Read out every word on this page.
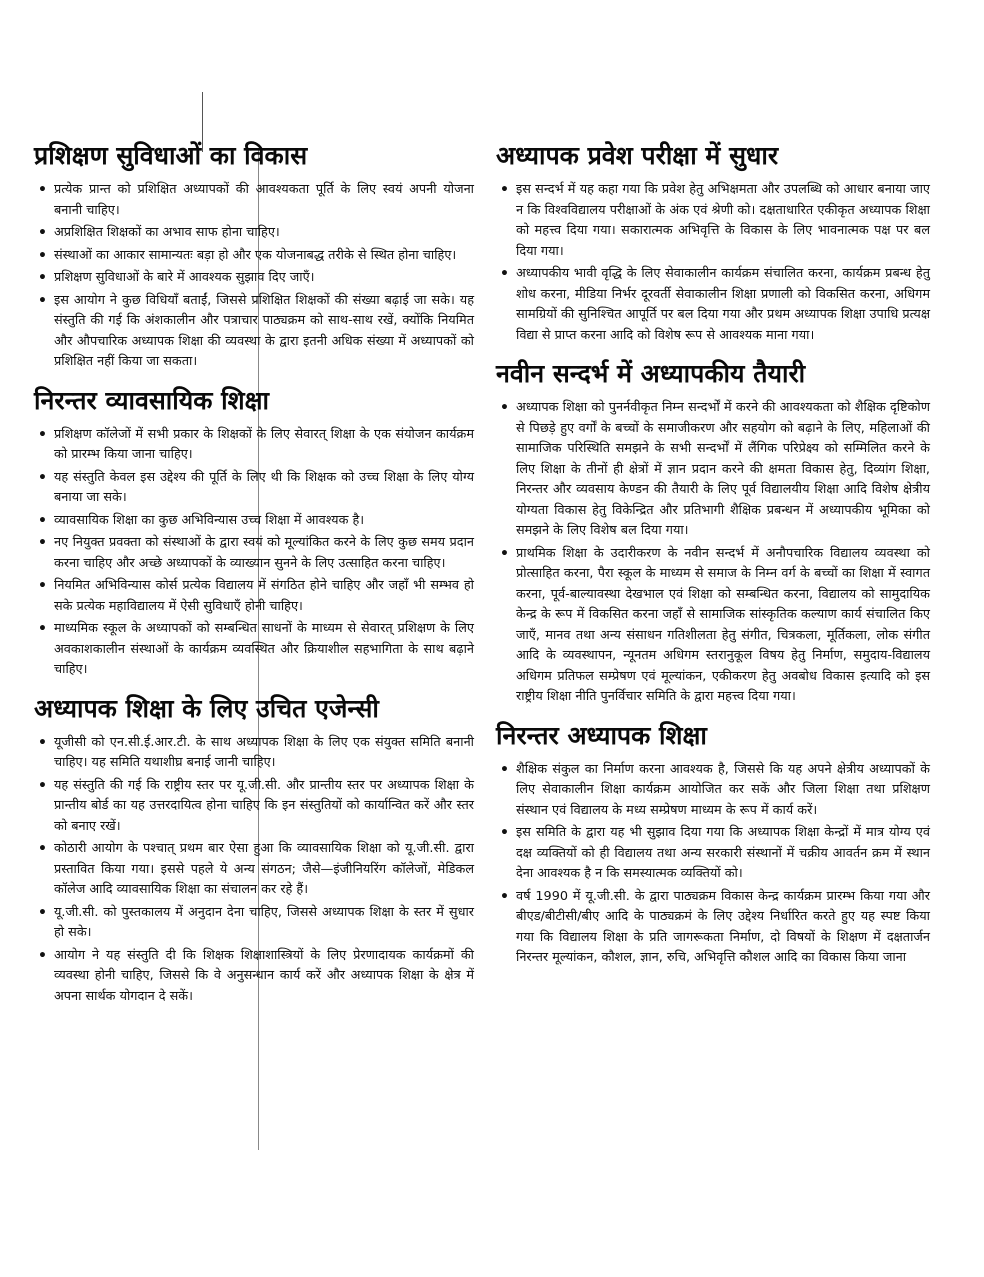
प्रशिक्षण सुविधाओं का विकास
• प्रत्येक प्रान्त को प्रशिक्षित अध्यापकों की आवश्यकता पूर्ति के लिए स्वयं अपनी योजना बनानी चाहिए।
• अप्रशिक्षित शिक्षकों का अभाव साफ होना चाहिए।
• संस्थाओं का आकार सामान्यतः बड़ा हो और एक योजनाबद्ध तरीके से स्थित होना चाहिए।
• प्रशिक्षण सुविधाओं के बारे में आवश्यक सुझाव दिए जाएँ।
• इस आयोग ने कुछ विधियाँ बताईं, जिससे प्रशिक्षित शिक्षकों की संख्या बढ़ाई जा सके। यह संस्तुति की गई कि अंशकालीन और पत्राचार पाठ्यक्रम को साथ-साथ रखें, क्योंकि नियमित और औपचारिक अध्यापक शिक्षा की व्यवस्था के द्वारा इतनी अधिक संख्या में अध्यापकों को प्रशिक्षित नहीं किया जा सकता।
निरन्तर व्यावसायिक शिक्षा
• प्रशिक्षण कॉलेजों में सभी प्रकार के शिक्षकों के लिए सेवारत् शिक्षा के एक संयोजन कार्यक्रम को प्रारम्भ किया जाना चाहिए।
• यह संस्तुति केवल इस उद्देश्य की पूर्ति के लिए थी कि शिक्षक को उच्च शिक्षा के लिए योग्य बनाया जा सके।
• व्यावसायिक शिक्षा का कुछ अभिविन्यास उच्च शिक्षा में आवश्यक है।
• नए नियुक्त प्रवक्ता को संस्थाओं के द्वारा स्वयं को मूल्यांकित करने के लिए कुछ समय प्रदान करना चाहिए और अच्छे अध्यापकों के व्याख्यान सुनने के लिए उत्साहित करना चाहिए।
• नियमित अभिविन्यास कोर्स प्रत्येक विद्यालय में संगठित होने चाहिए और जहाँ भी सम्भव हो सके प्रत्येक महाविद्यालय में ऐसी सुविधाएँ होनी चाहिए।
• माध्यमिक स्कूल के अध्यापकों को सम्बन्धित साधनों के माध्यम से सेवारत् प्रशिक्षण के लिए अवकाशकालीन संस्थाओं के कार्यक्रम व्यवस्थित और क्रियाशील सहभागिता के साथ बढ़ाने चाहिए।
अध्यापक शिक्षा के लिए उचित एजेन्सी
• यूजीसी को एन.सी.ई.आर.टी. के साथ अध्यापक शिक्षा के लिए एक संयुक्त समिति बनानी चाहिए। यह समिति यथाशीघ्र बनाई जानी चाहिए।
• यह संस्तुति की गई कि राष्ट्रीय स्तर पर यू.जी.सी. और प्रान्तीय स्तर पर अध्यापक शिक्षा के प्रान्तीय बोर्ड का यह उत्तरदायित्व होना चाहिए कि इन संस्तुतियों को कार्यान्वित करें और स्तर को बनाए रखें।
• कोठारी आयोग के पश्चात् प्रथम बार ऐसा हुआ कि व्यावसायिक शिक्षा को यू.जी.सी. द्वारा प्रस्तावित किया गया। इससे पहले ये अन्य संगठन; जैसे—इंजीनियरिंग कॉलेजों, मेडिकल कॉलेज आदि व्यावसायिक शिक्षा का संचालन कर रहे हैं।
• यू.जी.सी. को पुस्तकालय में अनुदान देना चाहिए, जिससे अध्यापक शिक्षा के स्तर में सुधार हो सके।
• आयोग ने यह संस्तुति दी कि शिक्षक शिक्षाशास्त्रियों के लिए प्रेरणादायक कार्यक्रमों की व्यवस्था होनी चाहिए, जिससे कि वे अनुसन्धान कार्य करें और अध्यापक शिक्षा के क्षेत्र में अपना सार्थक योगदान दे सकें।
अध्यापक प्रवेश परीक्षा में सुधार
• इस सन्दर्भ में यह कहा गया कि प्रवेश हेतु अभिक्षमता और उपलब्धि को आधार बनाया जाए न कि विश्वविद्यालय परीक्षाओं के अंक एवं श्रेणी को। दक्षताधारित एकीकृत अध्यापक शिक्षा को महत्त्व दिया गया। सकारात्मक अभिवृत्ति के विकास के लिए भावनात्मक पक्ष पर बल दिया गया।
• अध्यापकीय भावी वृद्धि के लिए सेवाकालीन कार्यक्रम संचालित करना, कार्यक्रम प्रबन्ध हेतु शोध करना, मीडिया निर्भर दूरवर्ती सेवाकालीन शिक्षा प्रणाली को विकसित करना, अधिगम सामग्रियों की सुनिश्चित आपूर्ति पर बल दिया गया और प्रथम अध्यापक शिक्षा उपाधि प्रत्यक्ष विद्या से प्राप्त करना आदि को विशेष रूप से आवश्यक माना गया।
नवीन सन्दर्भ में अध्यापकीय तैयारी
• अध्यापक शिक्षा को पुनर्नवीकृत निम्न सन्दर्भों में करने की आवश्यकता को शैक्षिक दृष्टिकोण से पिछड़े हुए वर्गों के बच्चों के समाजीकरण और सहयोग को बढ़ाने के लिए, महिलाओं की सामाजिक परिस्थिति समझने के सभी सन्दर्भों में लैंगिक परिप्रेक्ष्य को सम्मिलित करने के लिए शिक्षा के तीनों ही क्षेत्रों में ज्ञान प्रदान करने की क्षमता विकास हेतु, दिव्यांग शिक्षा, निरन्तर और व्यवसाय केण्डन की तैयारी के लिए पूर्व विद्यालयीय शिक्षा आदि विशेष क्षेत्रीय योग्यता विकास हेतु विकेन्द्रित और प्रतिभागी शैक्षिक प्रबन्धन में अध्यापकीय भूमिका को समझने के लिए विशेष बल दिया गया।
• प्राथमिक शिक्षा के उदारीकरण के नवीन सन्दर्भ में अनौपचारिक विद्यालय व्यवस्था को प्रोत्साहित करना, पैरा स्कूल के माध्यम से समाज के निम्न वर्ग के बच्चों का शिक्षा में स्वागत करना, पूर्व-बाल्यावस्था देखभाल एवं शिक्षा को सम्बन्धित करना, विद्यालय को सामुदायिक केन्द्र के रूप में विकसित करना जहाँ से सामाजिक सांस्कृतिक कल्याण कार्य संचालित किए जाएँ, मानव तथा अन्य संसाधन गतिशीलता हेतु संगीत, चित्रकला, मूर्तिकला, लोक संगीत आदि के व्यवस्थापन, न्यूनतम अधिगम स्तरानुकूल विषय हेतु निर्माण, समुदाय-विद्यालय अधिगम प्रतिफल सम्प्रेषण एवं मूल्यांकन, एकीकरण हेतु अवबोध विकास इत्यादि को इस राष्ट्रीय शिक्षा नीति पुनर्विचार समिति के द्वारा महत्त्व दिया गया।
निरन्तर अध्यापक शिक्षा
• शैक्षिक संकुल का निर्माण करना आवश्यक है, जिससे कि यह अपने क्षेत्रीय अध्यापकों के लिए सेवाकालीन शिक्षा कार्यक्रम आयोजित कर सकें और जिला शिक्षा तथा प्रशिक्षण संस्थान एवं विद्यालय के मध्य सम्प्रेषण माध्यम के रूप में कार्य करें।
• इस समिति के द्वारा यह भी सुझाव दिया गया कि अध्यापक शिक्षा केन्द्रों में मात्र योग्य एवं दक्ष व्यक्तियों को ही विद्यालय तथा अन्य सरकारी संस्थानों में चक्रीय आवर्तन क्रम में स्थान देना आवश्यक है न कि समस्यात्मक व्यक्तियों को।
• वर्ष 1990 में यू.जी.सी. के द्वारा पाठ्यक्रम विकास केन्द्र कार्यक्रम प्रारम्भ किया गया और बीएड/बीटीसी/बीए आदि के पाठ्यक्रमं के लिए उद्देश्य निर्धारित करते हुए यह स्पष्ट किया गया कि विद्यालय शिक्षा के प्रति जागरूकता निर्माण, दो विषयों के शिक्षण में दक्षतार्जन निरन्तर मूल्यांकन, कौशल, ज्ञान, रुचि, अभिवृत्ति कौशल आदि का विकास किया जाना
